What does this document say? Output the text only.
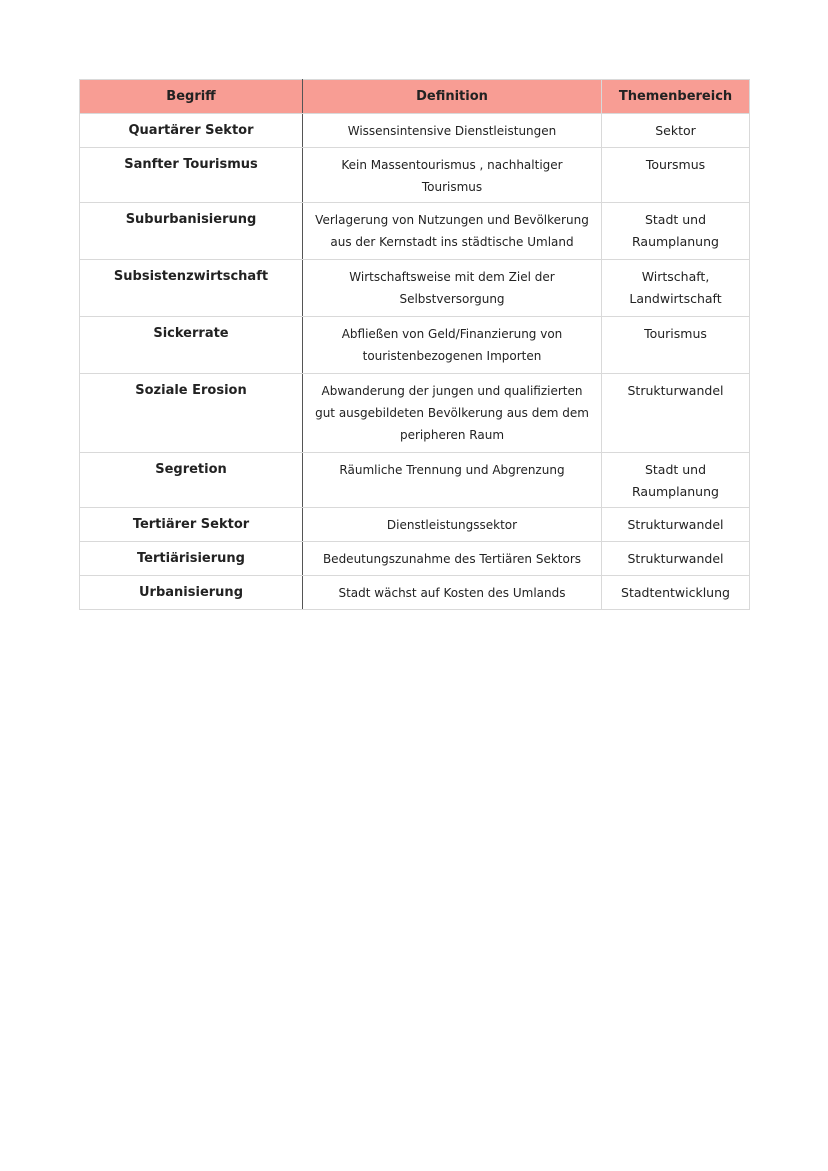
Begriff	Definition	Themenbereich
Quartärer Sektor	Wissensintensive Dienstleistungen	Sektor
Sanfter Tourismus	Kein Massentourismus , nachhaltiger Tourismus	Toursmus
Suburbanisierung	Verlagerung von Nutzungen und Bevölkerung aus der Kernstadt ins städtische Umland	Stadt und Raumplanung
Subsistenzwirtschaft	Wirtschaftsweise mit dem Ziel der Selbstversorgung	Wirtschaft, Landwirtschaft
Sickerrate	Abfließen von Geld/Finanzierung von touristenbezogenen Importen	Tourismus
Soziale Erosion	Abwanderung der jungen und qualifizierten gut ausgebildeten Bevölkerung aus dem dem peripheren Raum	Strukturwandel
Segretion	Räumliche Trennung und Abgrenzung	Stadt und Raumplanung
Tertiärer Sektor	Dienstleistungssektor	Strukturwandel
Tertiärisierung	Bedeutungszunahme des Tertiären Sektors	Strukturwandel
Urbanisierung	Stadt wächst auf Kosten des Umlands	Stadtentwicklung
